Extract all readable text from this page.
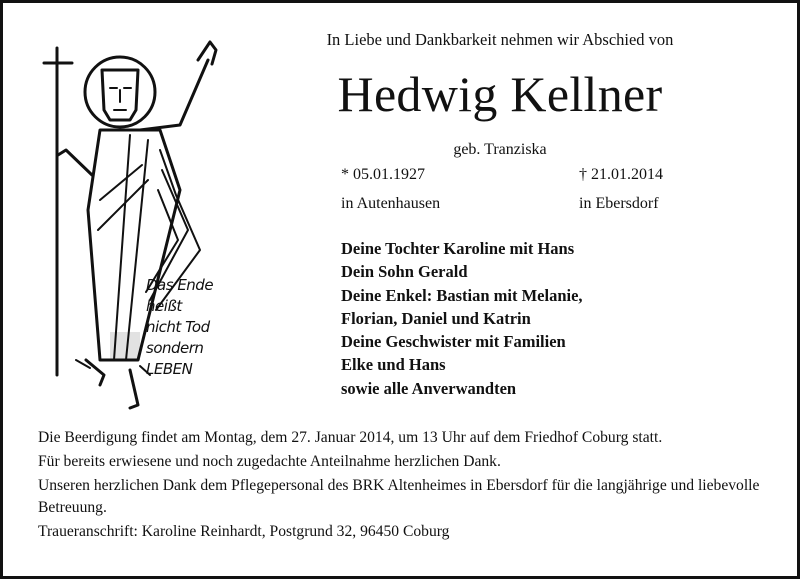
Das Ende
heißt
nicht Tod
sondern
LEBEN
In Liebe und Dankbarkeit nehmen wir Abschied von
Hedwig Kellner
geb. Tranziska
* 05.01.1927	† 21.01.2014
in Autenhausen	in Ebersdorf
Deine Tochter Karoline mit Hans
Dein Sohn Gerald
Deine Enkel: Bastian mit Melanie,
Florian, Daniel und Katrin
Deine Geschwister mit Familien
Elke und Hans
sowie alle Anverwandten

Die Beerdigung findet am Montag, dem 27. Januar 2014, um 13 Uhr auf dem Friedhof Coburg statt.

Für bereits erwiesene und noch zugedachte Anteilnahme herzlichen Dank.

Unseren herzlichen Dank dem Pflegepersonal des BRK Altenheimes in Ebersdorf für die langjährige und liebevolle Betreuung.

Traueranschrift: Karoline Reinhardt, Postgrund 32, 96450 Coburg
